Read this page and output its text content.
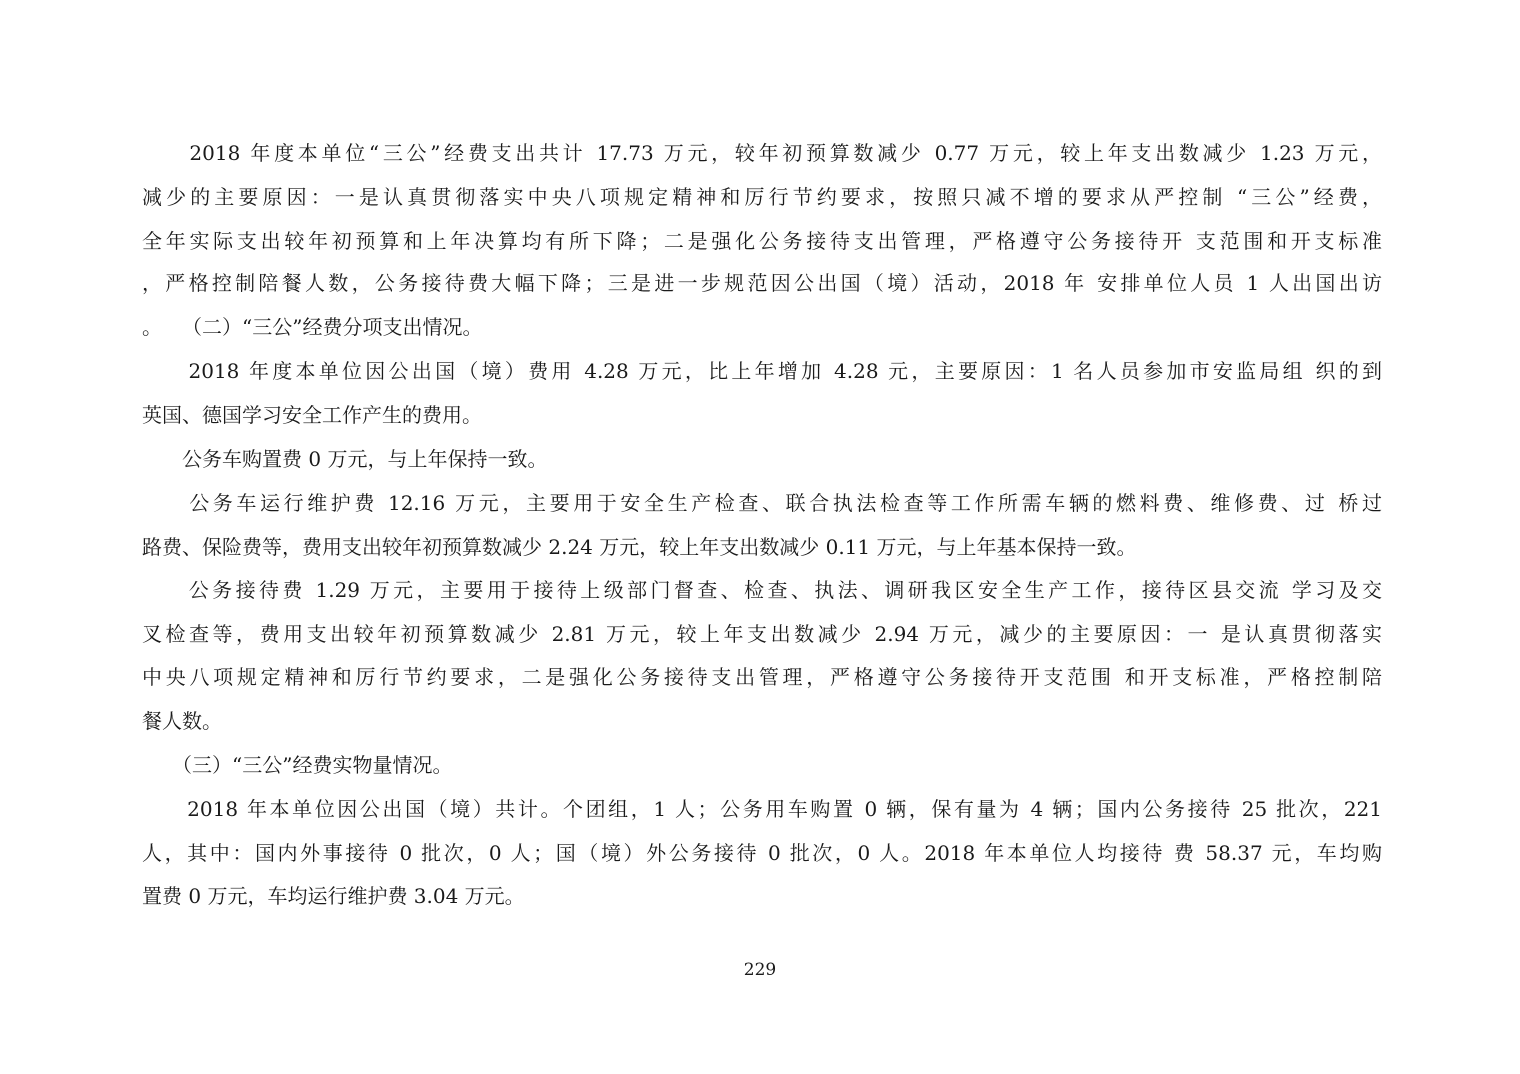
　　2018 年度本单位“三公”经费支出共计 17.73 万元，较年初预算数减少 0.77 万元，较上年支出数减少 1.23 万元，
减少的主要原因：一是认真贯彻落实中央八项规定精神和厉行节约要求，按照只减不增的要求从严控制 “三公”经费，
全年实际支出较年初预算和上年决算均有所下降；二是强化公务接待支出管理，严格遵守公务接待开 支范围和开支标准
，严格控制陪餐人数，公务接待费大幅下降；三是进一步规范因公出国（境）活动，2018 年 安排单位人员 1 人出国出访
。　　（二）“三公”经费分项支出情况。
　　2018 年度本单位因公出国（境）费用 4.28 万元，比上年增加 4.28 元，主要原因：1 名人员参加市安监局组 织的到
英国、德国学习安全工作产生的费用。
　　公务车购置费 0 万元，与上年保持一致。
　　公务车运行维护费 12.16 万元，主要用于安全生产检查、联合执法检查等工作所需车辆的燃料费、维修费、过 桥过
路费、保险费等，费用支出较年初预算数减少 2.24 万元，较上年支出数减少 0.11 万元，与上年基本保持一致。
　　公务接待费 1.29 万元，主要用于接待上级部门督查、检查、执法、调研我区安全生产工作，接待区县交流 学习及交
叉检查等，费用支出较年初预算数减少 2.81 万元，较上年支出数减少 2.94 万元，减少的主要原因：一 是认真贯彻落实
中央八项规定精神和厉行节约要求，二是强化公务接待支出管理，严格遵守公务接待开支范围 和开支标准，严格控制陪
餐人数。
　　（三）“三公”经费实物量情况。
　　2018 年本单位因公出国（境）共计。个团组，1 人；公务用车购置 0 辆，保有量为 4 辆；国内公务接待 25 批次，221
人，其中：国内外事接待 0 批次，0 人；国（境）外公务接待 0 批次，0 人。2018 年本单位人均接待 费 58.37 元，车均购
置费 0 万元，车均运行维护费 3.04 万元。
229
